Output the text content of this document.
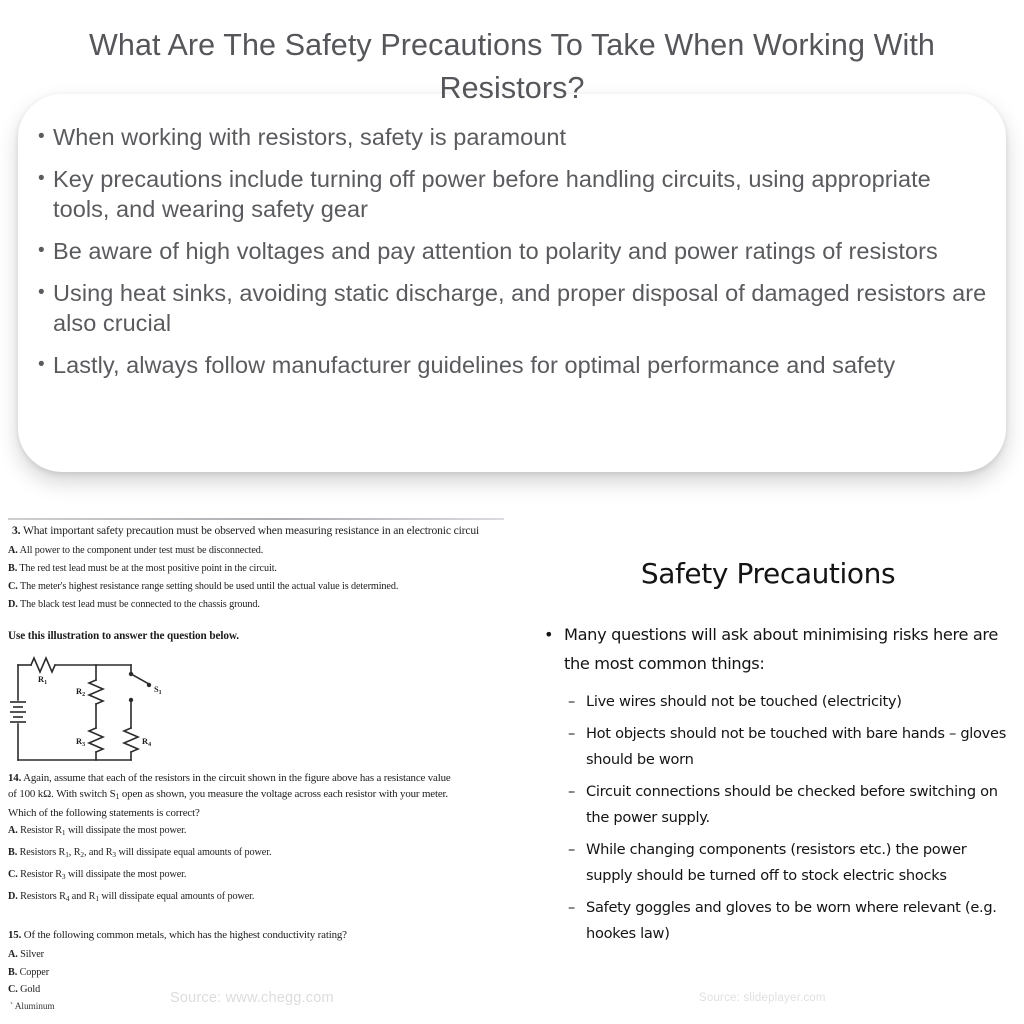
What Are The Safety Precautions To Take When Working With Resistors?
• When working with resistors, safety is paramount
• Key precautions include turning off power before handling circuits, using appropriate tools, and wearing safety gear
• Be aware of high voltages and pay attention to polarity and power ratings of resistors
• Using heat sinks, avoiding static discharge, and proper disposal of damaged resistors are also crucial
• Lastly, always follow manufacturer guidelines for optimal performance and safety
3. What important safety precaution must be observed when measuring resistance in an electronic circui
A. All power to the component under test must be disconnected.
B. The red test lead must be at the most positive point in the circuit.
C. The meter's highest resistance range setting should be used until the actual value is determined.
D. The black test lead must be connected to the chassis ground.
Use this illustration to answer the question below.
$R_1$
$R_2$
$R_3$	$R_4$
$S_1$
14. Again, assume that each of the resistors in the circuit shown in the figure above has a resistance value
of 100 kΩ. With switch $S_1$ open as shown, you measure the voltage across each resistor with your meter.
Which of the following statements is correct?
A. Resistor $R_1$ will dissipate the most power.
B. Resistors $R_1$, $R_2$, and $R_3$ will dissipate equal amounts of power.
C. Resistor $R_3$ will dissipate the most power.
D. Resistors $R_4$ and $R_1$ will dissipate equal amounts of power.
15. Of the following common metals, which has the highest conductivity rating?
A. Silver
B. Copper
C. Gold
` Aluminum
Safety Precautions
• Many questions will ask about minimising risks here are the most common things:
– Live wires should not be touched (electricity)
– Hot objects should not be touched with bare hands – gloves should be worn
– Circuit connections should be checked before switching on the power supply.
– While changing components (resistors etc.) the power supply should be turned off to stock electric shocks
– Safety goggles and gloves to be worn where relevant (e.g. hookes law)
Source: www.chegg.com	Source: slideplayer.com
